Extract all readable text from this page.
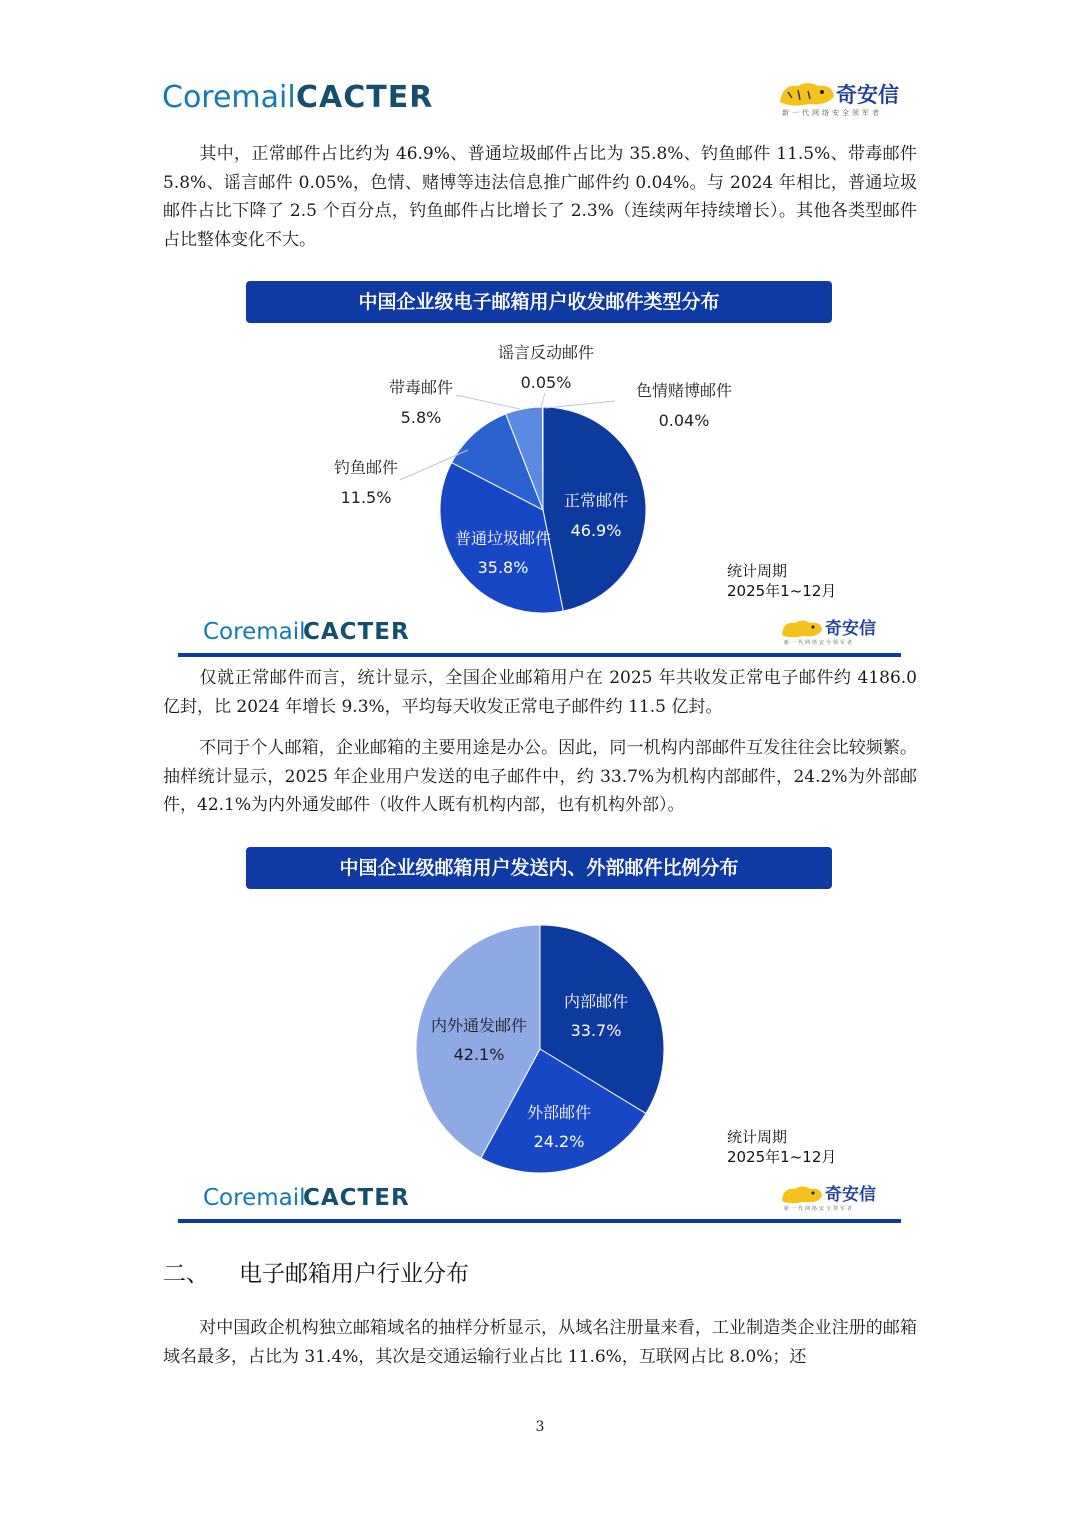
Coremail CACTER	奇安信
新一代网络安全领军者

其中，正常邮件占比约为 46.9%、普通垃圾邮件占比为 35.8%、钓鱼邮件 11.5%、带毒邮件 5.8%、谣言邮件 0.05%，色情、赌博等违法信息推广邮件约 0.04%。与 2024 年相比，普通垃圾邮件占比下降了 2.5 个百分点，钓鱼邮件占比增长了 2.3%（连续两年持续增长）。其他各类型邮件占比整体变化不大。

中国企业级电子邮箱用户收发邮件类型分布
谣言反动邮件
0.05%
带毒邮件
5.8%
色情赌博邮件
0.04%
钓鱼邮件
11.5%	正常邮件
46.9%
普通垃圾邮件
35.8%	统计周期
2025年1~12月
Coremail
CACTER	奇安信
新一代网络安全领军者

仅就正常邮件而言，统计显示，全国企业邮箱用户在 2025 年共收发正常电子邮件约 4186.0 亿封，比 2024 年增长 9.3%，平均每天收发正常电子邮件约 11.5 亿封。

不同于个人邮箱，企业邮箱的主要用途是办公。因此，同一机构内部邮件互发往往会比较频繁。抽样统计显示，2025 年企业用户发送的电子邮件中，约 33.7%为机构内部邮件，24.2%为外部邮件，42.1%为内外通发邮件（收件人既有机构内部，也有机构外部）。

中国企业级邮箱用户发送内、外部邮件比例分布
内部邮件
33.7%
外部邮件
24.2%
内外通发邮件
42.1%
统计周期
2025年1~12月
Coremail
CACTER	奇安信
新一代网络安全领军者
二、 电子邮箱用户行业分布

对中国政企机构独立邮箱域名的抽样分析显示，从域名注册量来看，工业制造类企业注册的邮箱域名最多，占比为 31.4%，其次是交通运输行业占比 11.6%，互联网占比 8.0%；还

3
